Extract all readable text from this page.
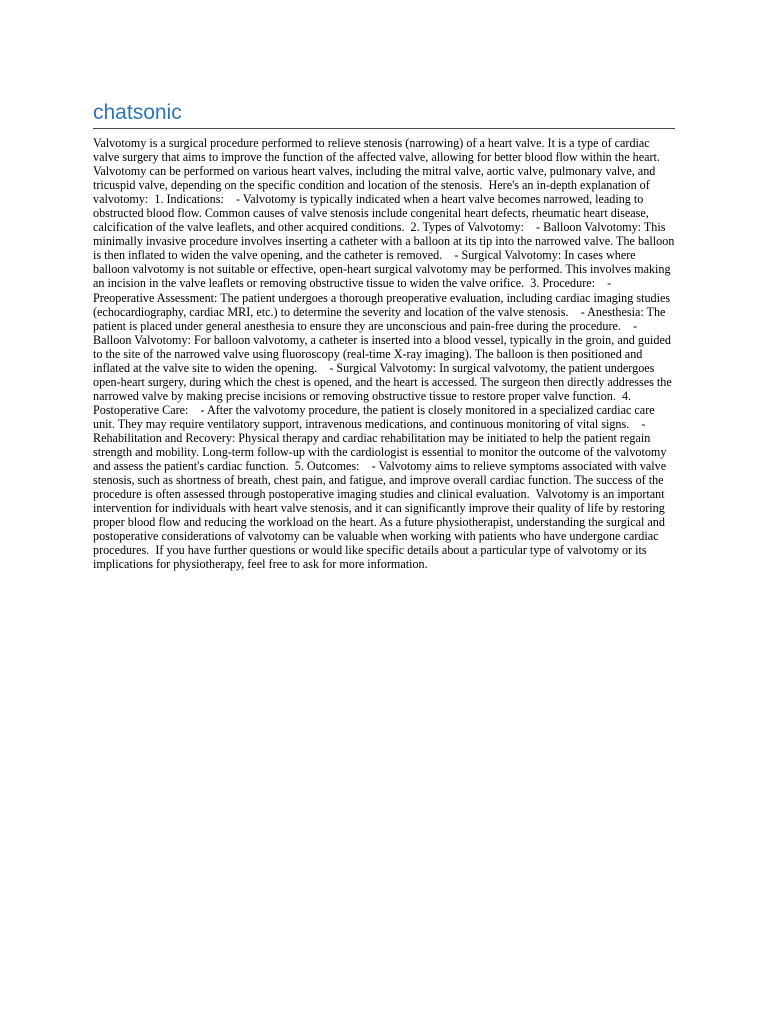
chatsonic
Valvotomy is a surgical procedure performed to relieve stenosis (narrowing) of a heart valve. It is a type of cardiac valve surgery that aims to improve the function of the affected valve, allowing for better blood flow within the heart. Valvotomy can be performed on various heart valves, including the mitral valve, aortic valve, pulmonary valve, and tricuspid valve, depending on the specific condition and location of the stenosis.  Here's an in-depth explanation of valvotomy:  1. Indications:    - Valvotomy is typically indicated when a heart valve becomes narrowed, leading to obstructed blood flow. Common causes of valve stenosis include congenital heart defects, rheumatic heart disease, calcification of the valve leaflets, and other acquired conditions.  2. Types of Valvotomy:    - Balloon Valvotomy: This minimally invasive procedure involves inserting a catheter with a balloon at its tip into the narrowed valve. The balloon is then inflated to widen the valve opening, and the catheter is removed.    - Surgical Valvotomy: In cases where balloon valvotomy is not suitable or effective, open-heart surgical valvotomy may be performed. This involves making an incision in the valve leaflets or removing obstructive tissue to widen the valve orifice.  3. Procedure:    - Preoperative Assessment: The patient undergoes a thorough preoperative evaluation, including cardiac imaging studies (echocardiography, cardiac MRI, etc.) to determine the severity and location of the valve stenosis.    - Anesthesia: The patient is placed under general anesthesia to ensure they are unconscious and pain-free during the procedure.    - Balloon Valvotomy: For balloon valvotomy, a catheter is inserted into a blood vessel, typically in the groin, and guided to the site of the narrowed valve using fluoroscopy (real-time X-ray imaging). The balloon is then positioned and inflated at the valve site to widen the opening.    - Surgical Valvotomy: In surgical valvotomy, the patient undergoes open-heart surgery, during which the chest is opened, and the heart is accessed. The surgeon then directly addresses the narrowed valve by making precise incisions or removing obstructive tissue to restore proper valve function.  4. Postoperative Care:    - After the valvotomy procedure, the patient is closely monitored in a specialized cardiac care unit. They may require ventilatory support, intravenous medications, and continuous monitoring of vital signs.    - Rehabilitation and Recovery: Physical therapy and cardiac rehabilitation may be initiated to help the patient regain strength and mobility. Long-term follow-up with the cardiologist is essential to monitor the outcome of the valvotomy and assess the patient's cardiac function.  5. Outcomes:    - Valvotomy aims to relieve symptoms associated with valve stenosis, such as shortness of breath, chest pain, and fatigue, and improve overall cardiac function. The success of the procedure is often assessed through postoperative imaging studies and clinical evaluation.  Valvotomy is an important intervention for individuals with heart valve stenosis, and it can significantly improve their quality of life by restoring proper blood flow and reducing the workload on the heart. As a future physiotherapist, understanding the surgical and postoperative considerations of valvotomy can be valuable when working with patients who have undergone cardiac procedures.  If you have further questions or would like specific details about a particular type of valvotomy or its implications for physiotherapy, feel free to ask for more information.
